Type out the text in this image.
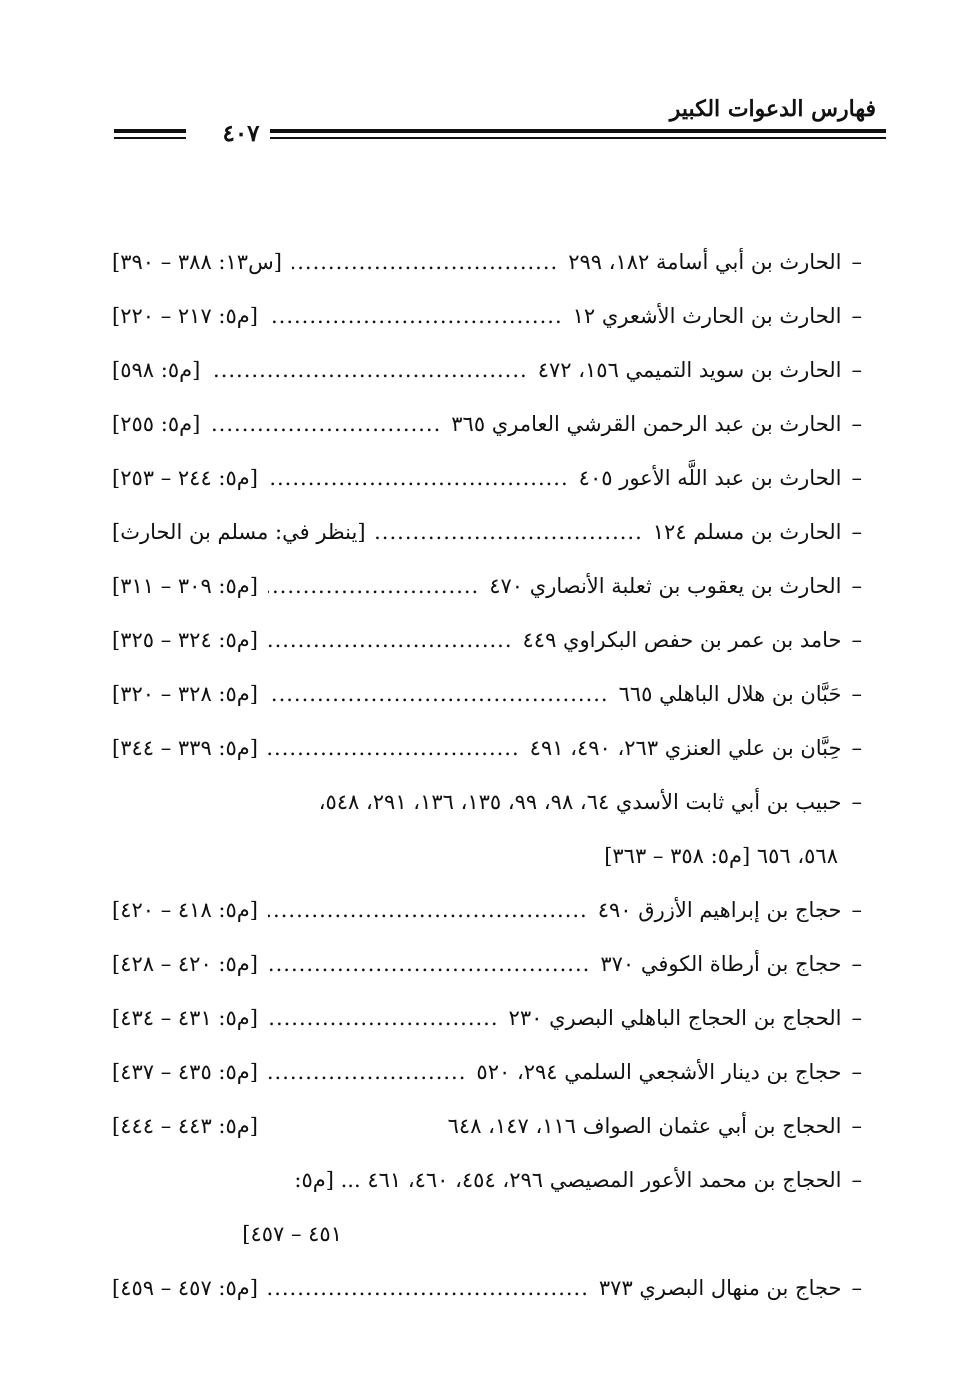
فهارس الدعوات الكبير
٤٠٧
–
الحارث بن أبي أسامة ١٨٢، ٢٩٩
.....
[س١٣: ٣٨٨ – ٣٩٠]
–
الحارث بن الحارث الأشعري ١٢
.....
[م٥: ٢١٧ – ٢٢٠]
–
الحارث بن سويد التميمي ١٥٦، ٤٧٢
.....
[م٥: ٥٩٨]
–
الحارث بن عبد الرحمن القرشي العامري ٣٦٥
.....
[م٥: ٢٥٥]
–
الحارث بن عبد اللَّه الأعور ٤٠٥
.....
[م٥: ٢٤٤ – ٢٥٣]
–
الحارث بن مسلم ١٢٤
.....
[ينظر في: مسلم بن الحارث]
–
الحارث بن يعقوب بن ثعلبة الأنصاري ٤٧٠
.....
[م٥: ٣٠٩ – ٣١١]
–
حامد بن عمر بن حفص البكراوي ٤٤٩
.....
[م٥: ٣٢٤ – ٣٢٥]
–
حَبَّان بن هلال الباهلي ٦٦٥
.....
[م٥: ٣٢٨ – ٣٢٠]
–
حِبَّان بن علي العنزي ٢٦٣، ٤٩٠، ٤٩١
.....
[م٥: ٣٣٩ – ٣٤٤]
–حبيب بن أبي ثابت الأسدي ٦٤، ٩٨، ٩٩، ١٣٥، ١٣٦، ٢٩١، ٥٤٨،
٥٦٨، ٦٥٦ [م٥: ٣٥٨ – ٣٦٣]
–
حجاج بن إبراهيم الأزرق ٤٩٠
.....
[م٥: ٤١٨ – ٤٢٠]
–
حجاج بن أرطاة الكوفي ٣٧٠
.....
[م٥: ٤٢٠ – ٤٢٨]
–
الحجاج بن الحجاج الباهلي البصري ٢٣٠
.....
[م٥: ٤٣١ – ٤٣٤]
–
حجاج بن دينار الأشجعي السلمي ٢٩٤، ٥٢٠
.....
[م٥: ٤٣٥ – ٤٣٧]
–
الحجاج بن أبي عثمان الصواف ١١٦، ١٤٧، ٦٤٨
[م٥: ٤٤٣ – ٤٤٤]
–الحجاج بن محمد الأعور المصيصي ٢٩٦، ٤٥٤، ٤٦٠، ٤٦١ ... [م٥:
٤٥١ – ٤٥٧]
–
حجاج بن منهال البصري ٣٧٣
.....
[م٥: ٤٥٧ – ٤٥٩]
